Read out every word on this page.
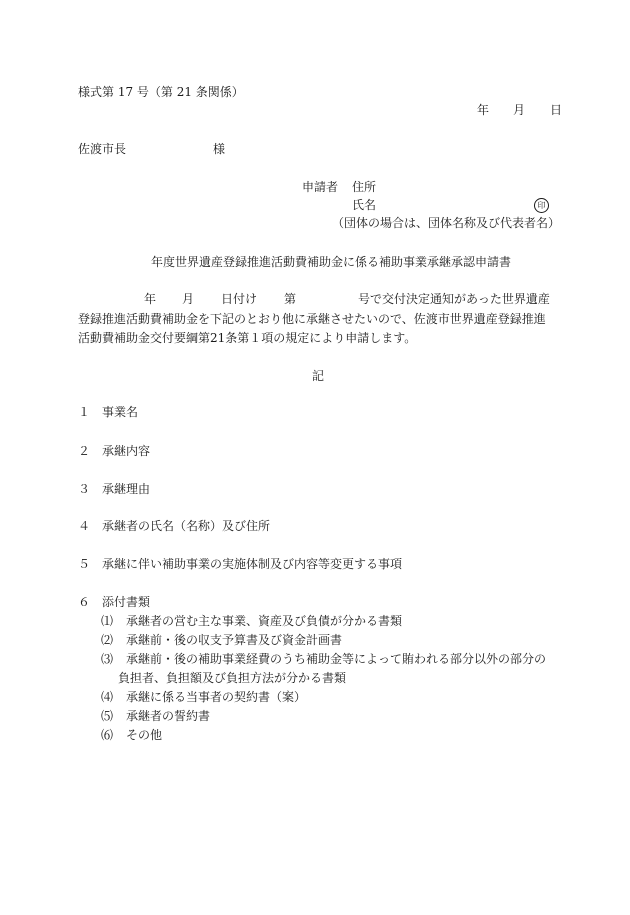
様式第 17 号（第 21 条関係）
年 月 日
佐渡市長	様
申請者 住所
氏名	印
（団体の場合は、団体名称及び代表者名）
年度世界遺産登録推進活動費補助金に係る補助事業承継承認申請書
年 月 日付け 第	号で交付決定通知があった世界遺産
登録推進活動費補助金を下記のとおり他に承継させたいので、佐渡市世界遺産登録推進
活動費補助金交付要綱第21条第１項の規定により申請します。
記
１ 事業名
２ 承継内容
３ 承継理由
４ 承継者の氏名（名称）及び住所
５ 承継に伴い補助事業の実施体制及び内容等変更する事項
６ 添付書類
⑴ 承継者の営む主な事業、資産及び負債が分かる書類
⑵ 承継前・後の収支予算書及び資金計画書
⑶ 承継前・後の補助事業経費のうち補助金等によって賄われる部分以外の部分の
負担者、負担額及び負担方法が分かる書類
⑷ 承継に係る当事者の契約書（案）
⑸ 承継者の誓約書
⑹ その他
